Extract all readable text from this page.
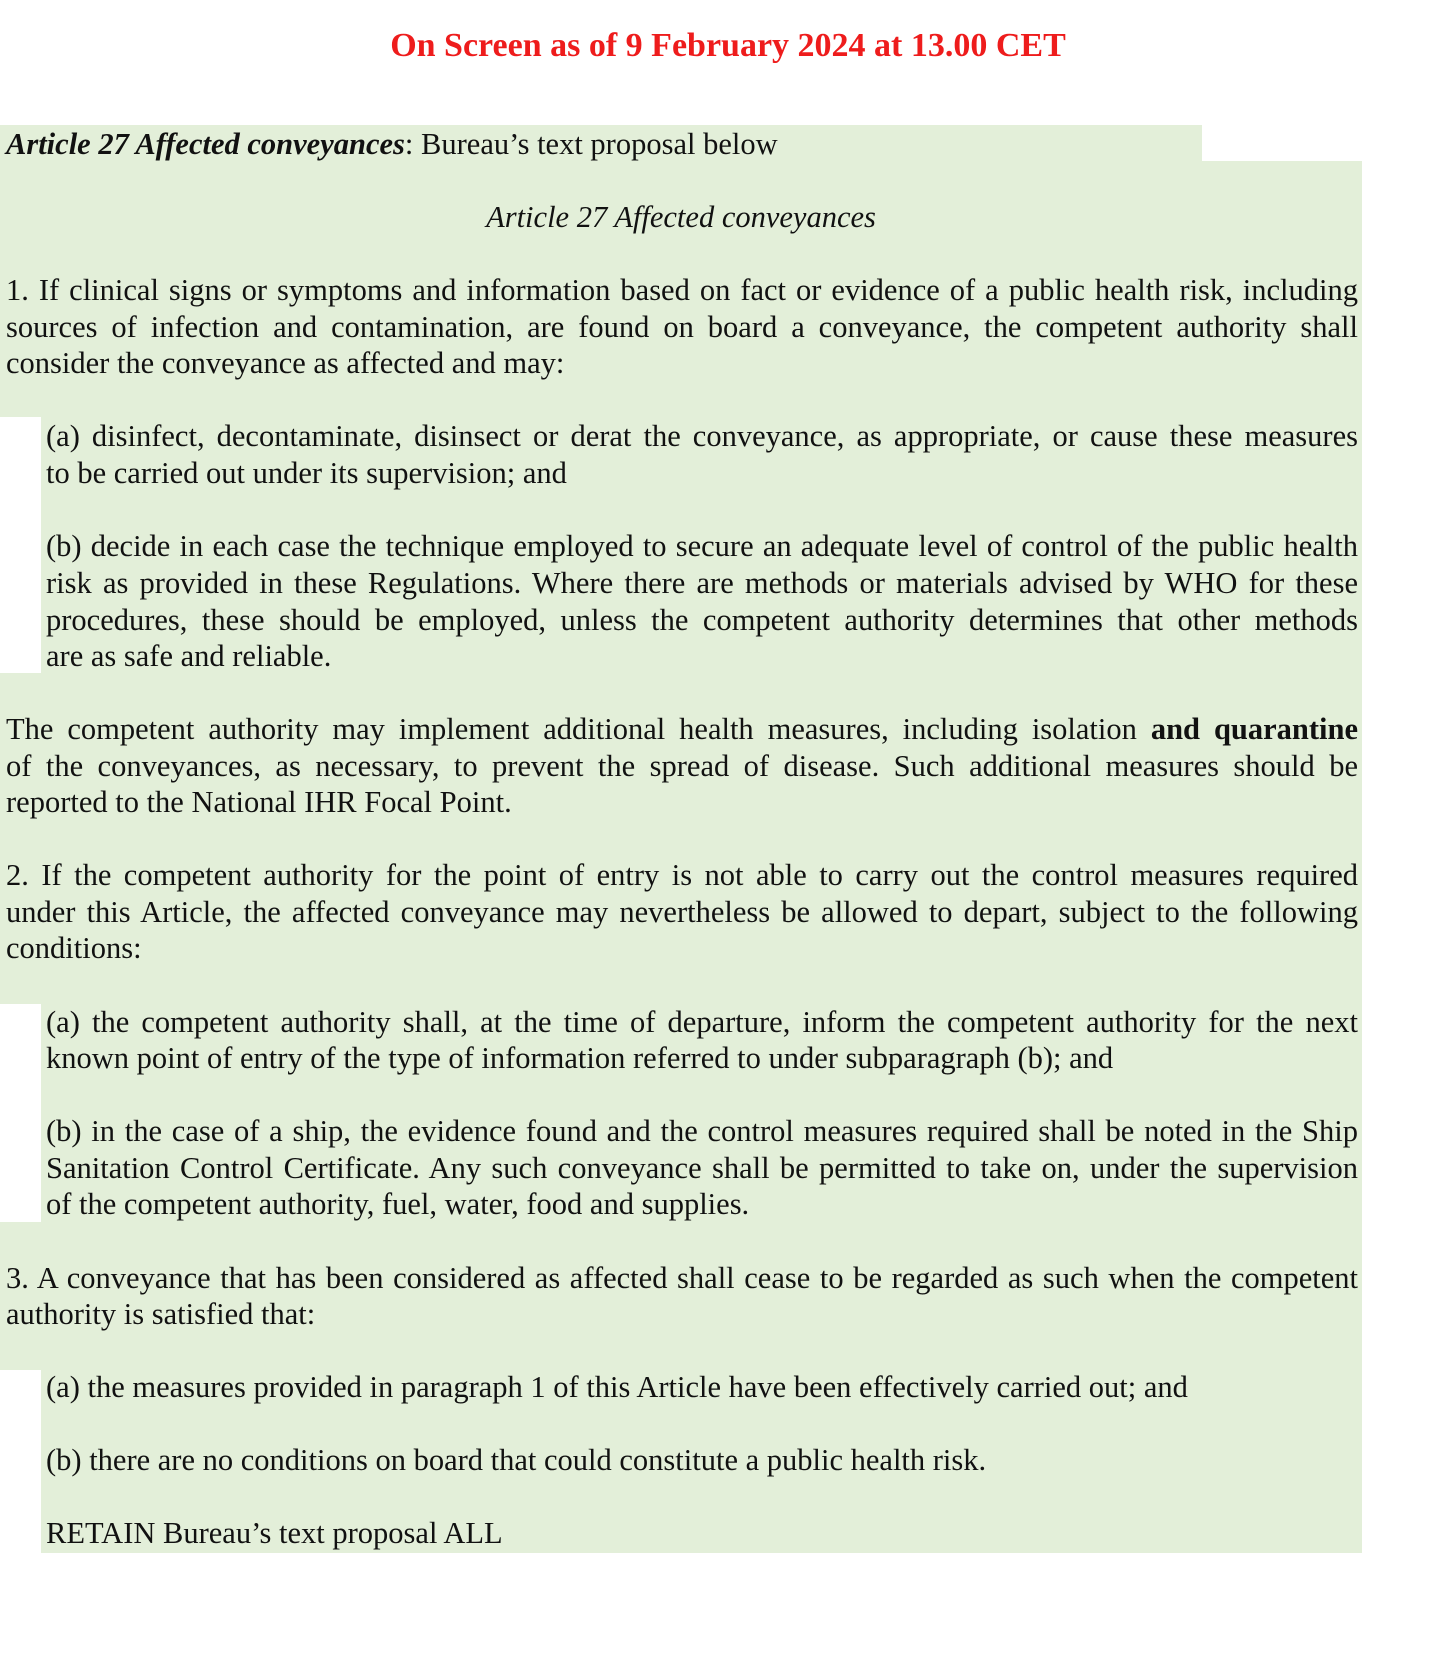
On Screen as of 9 February 2024 at 13.00 CET
Article 27 Affected conveyances: Bureau’s text proposal below
Article 27 Affected conveyances
1. If clinical signs or symptoms and information based on fact or evidence of a public health risk, including
sources of infection and contamination, are found on board a conveyance, the competent authority shall
consider the conveyance as affected and may:
(a) disinfect, decontaminate, disinsect or derat the conveyance, as appropriate, or cause these measures
to be carried out under its supervision; and
(b) decide in each case the technique employed to secure an adequate level of control of the public health
risk as provided in these Regulations. Where there are methods or materials advised by WHO for these
procedures, these should be employed, unless the competent authority determines that other methods
are as safe and reliable.
The competent authority may implement additional health measures, including isolation and quarantine
of the conveyances, as necessary, to prevent the spread of disease. Such additional measures should be
reported to the National IHR Focal Point.
2. If the competent authority for the point of entry is not able to carry out the control measures required
under this Article, the affected conveyance may nevertheless be allowed to depart, subject to the following
conditions:
(a) the competent authority shall, at the time of departure, inform the competent authority for the next
known point of entry of the type of information referred to under subparagraph (b); and
(b) in the case of a ship, the evidence found and the control measures required shall be noted in the Ship
Sanitation Control Certificate. Any such conveyance shall be permitted to take on, under the supervision
of the competent authority, fuel, water, food and supplies.
3. A conveyance that has been considered as affected shall cease to be regarded as such when the competent
authority is satisfied that:
(a) the measures provided in paragraph 1 of this Article have been effectively carried out; and
(b) there are no conditions on board that could constitute a public health risk.
RETAIN Bureau’s text proposal ALL
